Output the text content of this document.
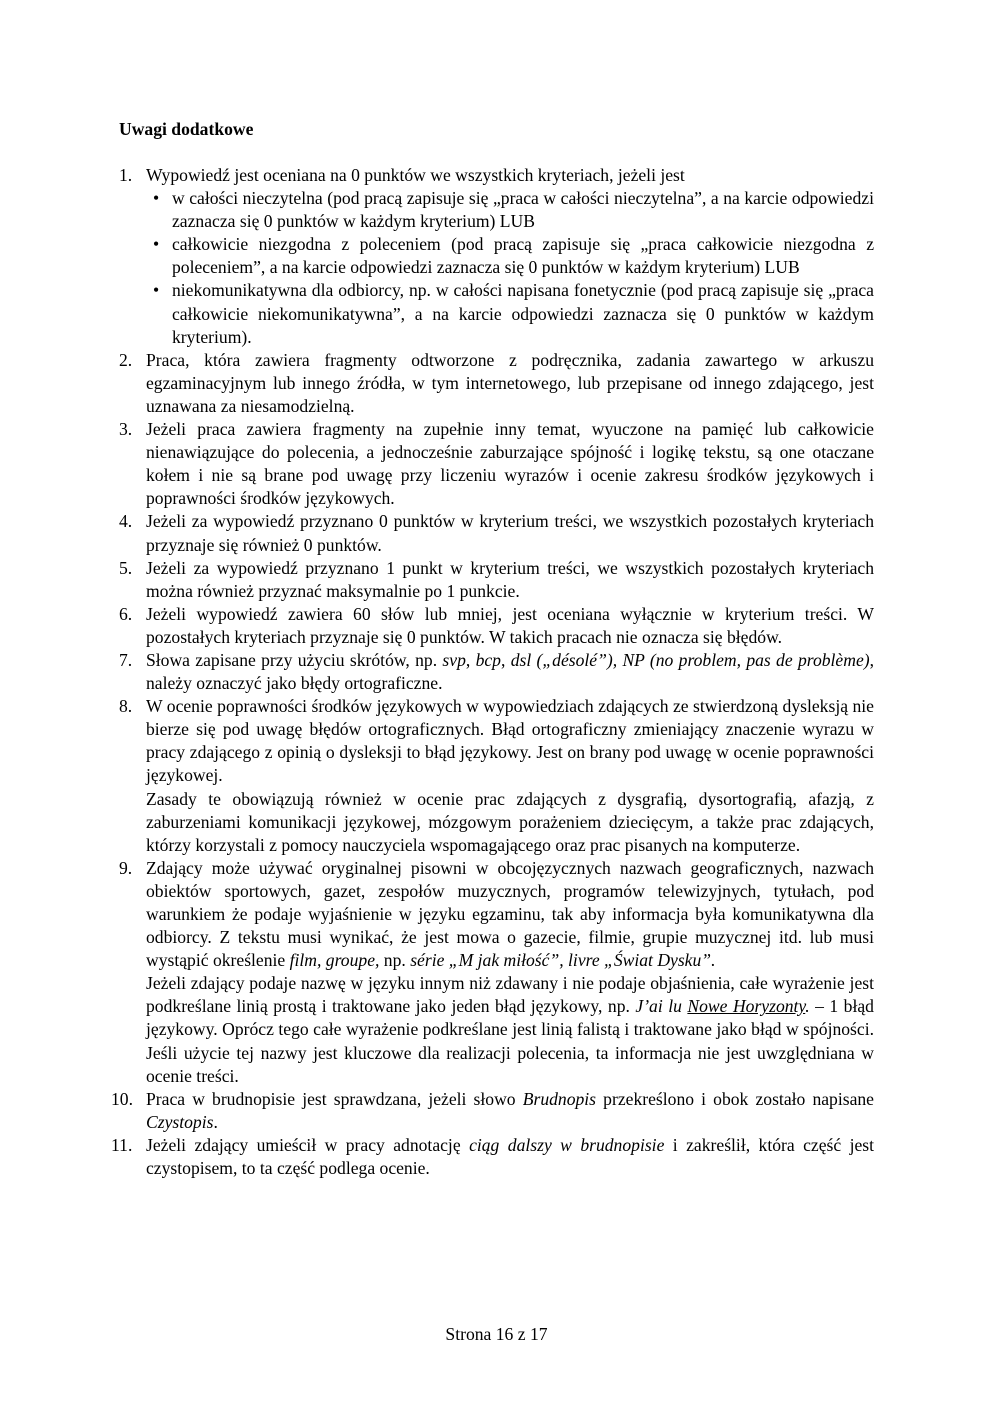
Uwagi dodatkowe
1. Wypowiedź jest oceniana na 0 punktów we wszystkich kryteriach, jeżeli jest
• w całości nieczytelna (pod pracą zapisuje się „praca w całości nieczytelna”, a na karcie odpowiedzi zaznacza się 0 punktów w każdym kryterium) LUB
• całkowicie niezgodna z poleceniem (pod pracą zapisuje się „praca całkowicie niezgodna z poleceniem”, a na karcie odpowiedzi zaznacza się 0 punktów w każdym kryterium) LUB
• niekomunikatywna dla odbiorcy, np. w całości napisana fonetycznie (pod pracą zapisuje się „praca całkowicie niekomunikatywna”, a na karcie odpowiedzi zaznacza się 0 punktów w każdym kryterium).
2. Praca, która zawiera fragmenty odtworzone z podręcznika, zadania zawartego w arkuszu egzaminacyjnym lub innego źródła, w tym internetowego, lub przepisane od innego zdającego, jest uznawana za niesamodzielną.
3. Jeżeli praca zawiera fragmenty na zupełnie inny temat, wyuczone na pamięć lub całkowicie nienawiązujące do polecenia, a jednocześnie zaburzające spójność i logikę tekstu, są one otaczane kołem i nie są brane pod uwagę przy liczeniu wyrazów i ocenie zakresu środków językowych i poprawności środków językowych.
4. Jeżeli za wypowiedź przyznano 0 punktów w kryterium treści, we wszystkich pozostałych kryteriach przyznaje się również 0 punktów.
5. Jeżeli za wypowiedź przyznano 1 punkt w kryterium treści, we wszystkich pozostałych kryteriach można również przyznać maksymalnie po 1 punkcie.
6. Jeżeli wypowiedź zawiera 60 słów lub mniej, jest oceniana wyłącznie w kryterium treści. W pozostałych kryteriach przyznaje się 0 punktów. W takich pracach nie oznacza się błędów.
7. Słowa zapisane przy użyciu skrótów, np. svp, bcp, dsl („désolé”), NP (no problem, pas de problème), należy oznaczyć jako błędy ortograficzne.
8. W ocenie poprawności środków językowych w wypowiedziach zdających ze stwierdzoną dysleksją nie bierze się pod uwagę błędów ortograficznych. Błąd ortograficzny zmieniający znaczenie wyrazu w pracy zdającego z opinią o dysleksji to błąd językowy. Jest on brany pod uwagę w ocenie poprawności językowej.
Zasady te obowiązują również w ocenie prac zdających z dysgrafią, dysortografią, afazją, z zaburzeniami komunikacji językowej, mózgowym porażeniem dziecięcym, a także prac zdających, którzy korzystali z pomocy nauczyciela wspomagającego oraz prac pisanych na komputerze.
9. Zdający może używać oryginalnej pisowni w obcojęzycznych nazwach geograficznych, nazwach obiektów sportowych, gazet, zespołów muzycznych, programów telewizyjnych, tytułach, pod warunkiem że podaje wyjaśnienie w języku egzaminu, tak aby informacja była komunikatywna dla odbiorcy. Z tekstu musi wynikać, że jest mowa o gazecie, filmie, grupie muzycznej itd. lub musi wystąpić określenie film, groupe, np. série „M jak miłość”, livre „Świat Dysku”.
Jeżeli zdający podaje nazwę w języku innym niż zdawany i nie podaje objaśnienia, całe wyrażenie jest podkreślane linią prostą i traktowane jako jeden błąd językowy, np. J’ai lu Nowe Horyzonty. – 1 błąd językowy. Oprócz tego całe wyrażenie podkreślane jest linią falistą i traktowane jako błąd w spójności. Jeśli użycie tej nazwy jest kluczowe dla realizacji polecenia, ta informacja nie jest uwzględniana w ocenie treści.
10. Praca w brudnopisie jest sprawdzana, jeżeli słowo Brudnopis przekreślono i obok zostało napisane Czystopis.
11. Jeżeli zdający umieścił w pracy adnotację ciąg dalszy w brudnopisie i zakreślił, która część jest czystopisem, to ta część podlega ocenie.
Strona 16 z 17
